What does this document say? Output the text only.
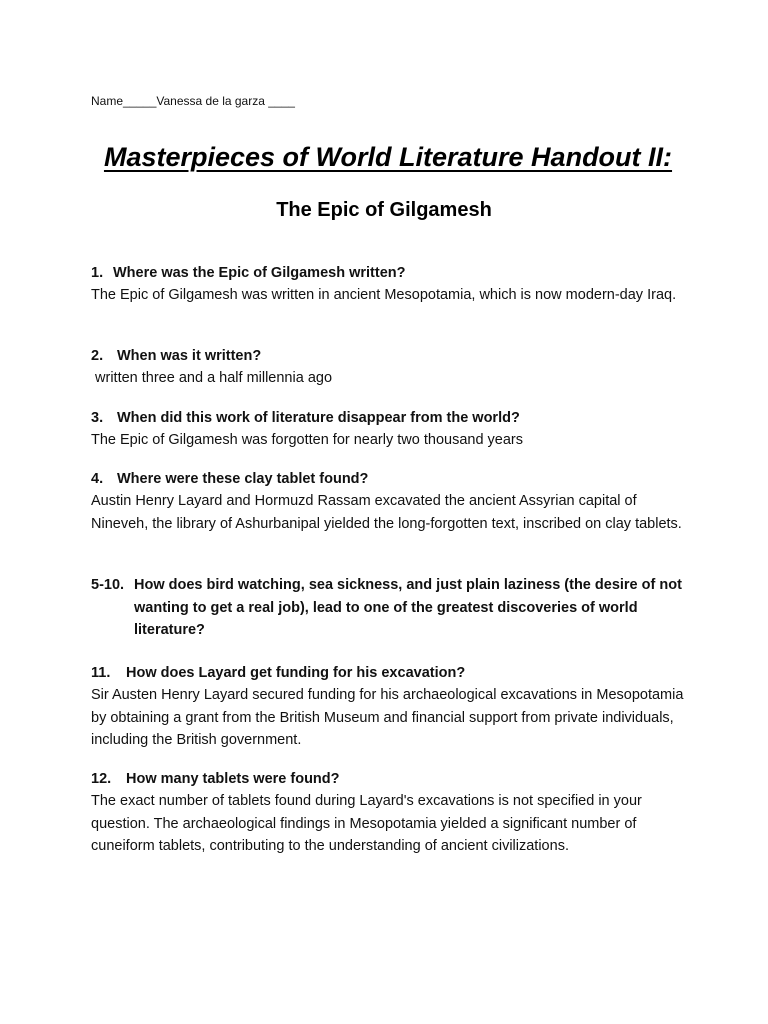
Name_____Vanessa de la garza ____
Masterpieces of World Literature Handout II:
The Epic of Gilgamesh

1. Where was the Epic of Gilgamesh written?

The Epic of Gilgamesh was written in ancient Mesopotamia, which is now modern-day Iraq.

2. When was it written?

written three and a half millennia ago

3. When did this work of literature disappear from the world?

The Epic of Gilgamesh was forgotten for nearly two thousand years

4. Where were these clay tablet found?

Austin Henry Layard and Hormuzd Rassam excavated the ancient Assyrian capital of Nineveh, the library of Ashurbanipal yielded the long-forgotten text, inscribed on clay tablets.

5-10. How does bird watching, sea sickness, and just plain laziness (the desire of not wanting to get a real job), lead to one of the greatest discoveries of world literature?

11. How does Layard get funding for his excavation?

Sir Austen Henry Layard secured funding for his archaeological excavations in Mesopotamia by obtaining a grant from the British Museum and financial support from private individuals, including the British government.

12. How many tablets were found?

The exact number of tablets found during Layard's excavations is not specified in your question. The archaeological findings in Mesopotamia yielded a significant number of cuneiform tablets, contributing to the understanding of ancient civilizations.
